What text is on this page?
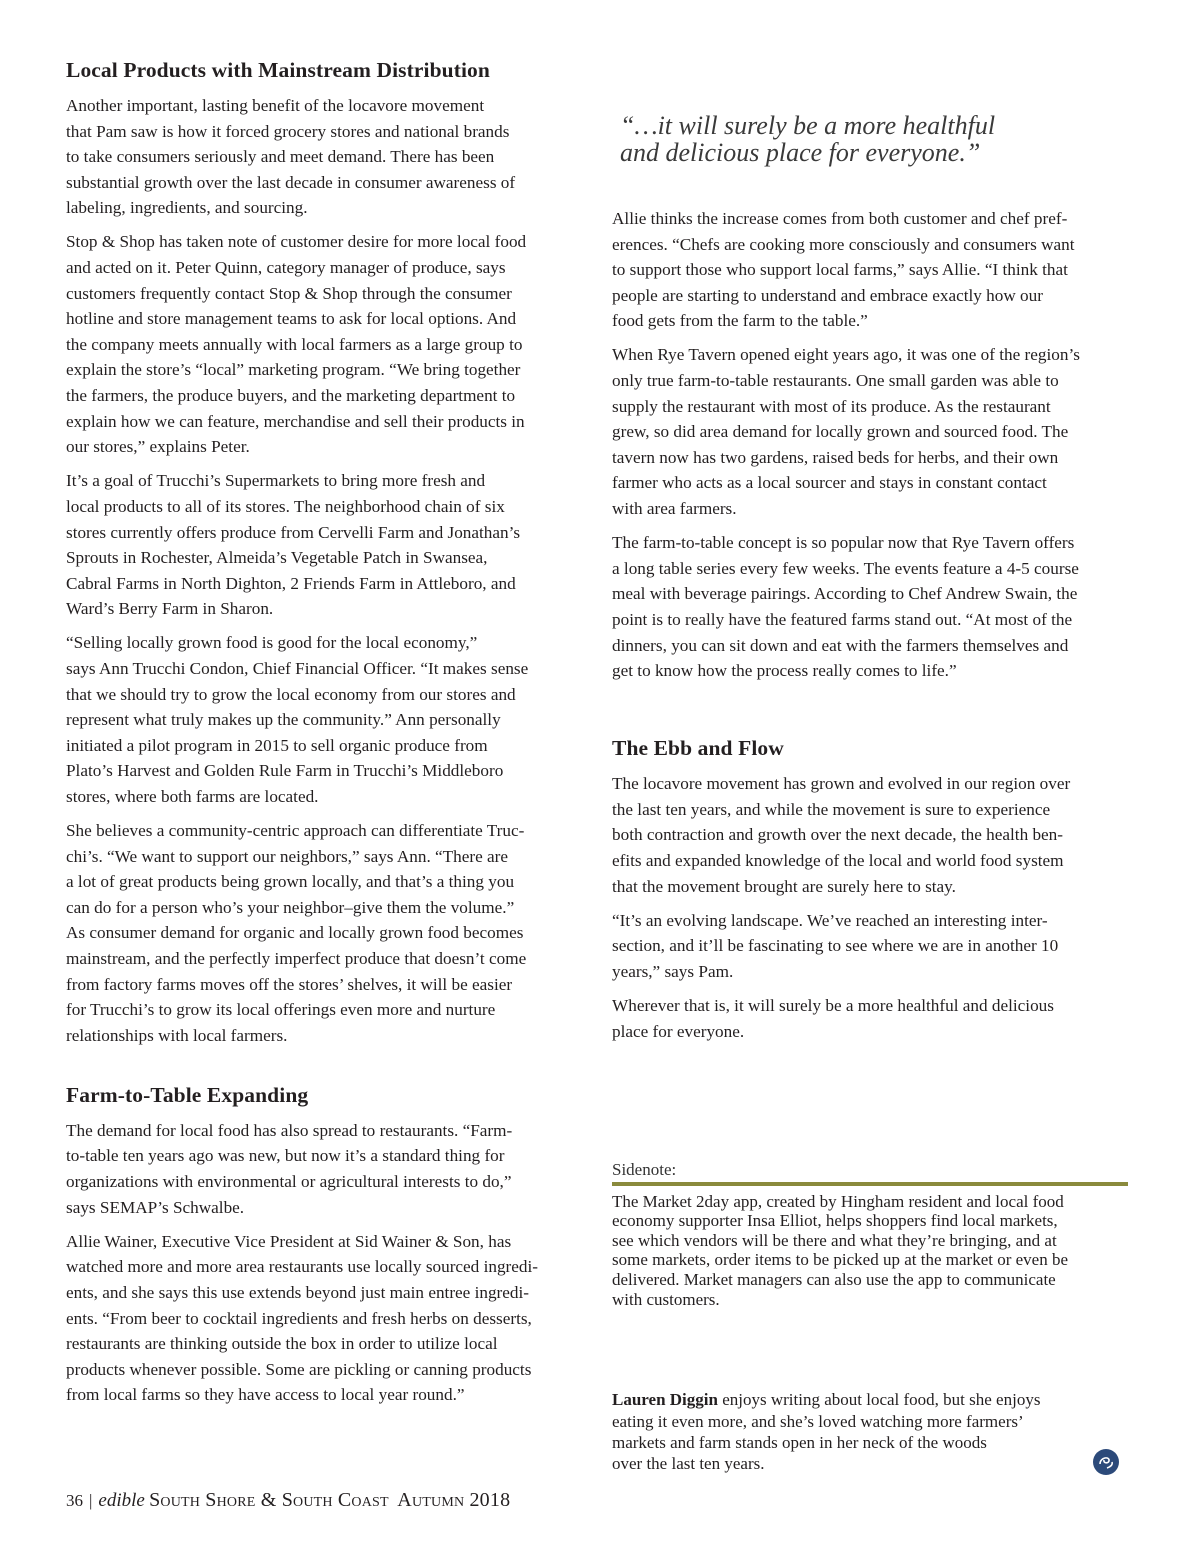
Local Products with Mainstream Distribution
Another important, lasting benefit of the locavore movement
that Pam saw is how it forced grocery stores and national brands
to take consumers seriously and meet demand. There has been
substantial growth over the last decade in consumer awareness of
labeling, ingredients, and sourcing.
Stop & Shop has taken note of customer desire for more local food
and acted on it. Peter Quinn, category manager of produce, says
customers frequently contact Stop & Shop through the consumer
hotline and store management teams to ask for local options. And
the company meets annually with local farmers as a large group to
explain the store’s “local” marketing program. “We bring together
the farmers, the produce buyers, and the marketing department to
explain how we can feature, merchandise and sell their products in
our stores,” explains Peter.
It’s a goal of Trucchi’s Supermarkets to bring more fresh and
local products to all of its stores. The neighborhood chain of six
stores currently offers produce from Cervelli Farm and Jonathan’s
Sprouts in Rochester, Almeida’s Vegetable Patch in Swansea,
Cabral Farms in North Dighton, 2 Friends Farm in Attleboro, and
Ward’s Berry Farm in Sharon.
“Selling locally grown food is good for the local economy,”
says Ann Trucchi Condon, Chief Financial Officer. “It makes sense
that we should try to grow the local economy from our stores and
represent what truly makes up the community.” Ann personally
initiated a pilot program in 2015 to sell organic produce from
Plato’s Harvest and Golden Rule Farm in Trucchi’s Middleboro
stores, where both farms are located.
She believes a community-centric approach can differentiate Truc-
chi’s. “We want to support our neighbors,” says Ann. “There are
a lot of great products being grown locally, and that’s a thing you
can do for a person who’s your neighbor–give them the volume.”
As consumer demand for organic and locally grown food becomes
mainstream, and the perfectly imperfect produce that doesn’t come
from factory farms moves off the stores’ shelves, it will be easier
for Trucchi’s to grow its local offerings even more and nurture
relationships with local farmers.
Farm-to-Table Expanding
The demand for local food has also spread to restaurants. “Farm-
to-table ten years ago was new, but now it’s a standard thing for
organizations with environmental or agricultural interests to do,”
says SEMAP’s Schwalbe.
Allie Wainer, Executive Vice President at Sid Wainer & Son, has
watched more and more area restaurants use locally sourced ingredi-
ents, and she says this use extends beyond just main entree ingredi-
ents. “From beer to cocktail ingredients and fresh herbs on desserts,
restaurants are thinking outside the box in order to utilize local
products whenever possible. Some are pickling or canning products
from local farms so they have access to local year round.”
“…it will surely be a more healthful
and delicious place for everyone.”
Allie thinks the increase comes from both customer and chef pref-
erences. “Chefs are cooking more consciously and consumers want
to support those who support local farms,” says Allie. “I think that
people are starting to understand and embrace exactly how our
food gets from the farm to the table.”
When Rye Tavern opened eight years ago, it was one of the region’s
only true farm-to-table restaurants. One small garden was able to
supply the restaurant with most of its produce. As the restaurant
grew, so did area demand for locally grown and sourced food. The
tavern now has two gardens, raised beds for herbs, and their own
farmer who acts as a local sourcer and stays in constant contact
with area farmers.
The farm-to-table concept is so popular now that Rye Tavern offers
a long table series every few weeks. The events feature a 4-5 course
meal with beverage pairings. According to Chef Andrew Swain, the
point is to really have the featured farms stand out. “At most of the
dinners, you can sit down and eat with the farmers themselves and
get to know how the process really comes to life.”
The Ebb and Flow
The locavore movement has grown and evolved in our region over
the last ten years, and while the movement is sure to experience
both contraction and growth over the next decade, the health ben-
efits and expanded knowledge of the local and world food system
that the movement brought are surely here to stay.
“It’s an evolving landscape. We’ve reached an interesting inter-
section, and it’ll be fascinating to see where we are in another 10
years,” says Pam.
Wherever that is, it will surely be a more healthful and delicious
place for everyone.

Sidenote:

The Market 2day app, created by Hingham resident and local food
economy supporter Insa Elliot, helps shoppers find local markets,
see which vendors will be there and what they’re bringing, and at
some markets, order items to be picked up at the market or even be
delivered. Market managers can also use the app to communicate
with customers.
Lauren Diggin enjoys writing about local food, but she enjoys
eating it even more, and she’s loved watching more farmers’
markets and farm stands open in her neck of the woods
over the last ten years.
36 | edible South Shore & South Coast Autumn 2018
